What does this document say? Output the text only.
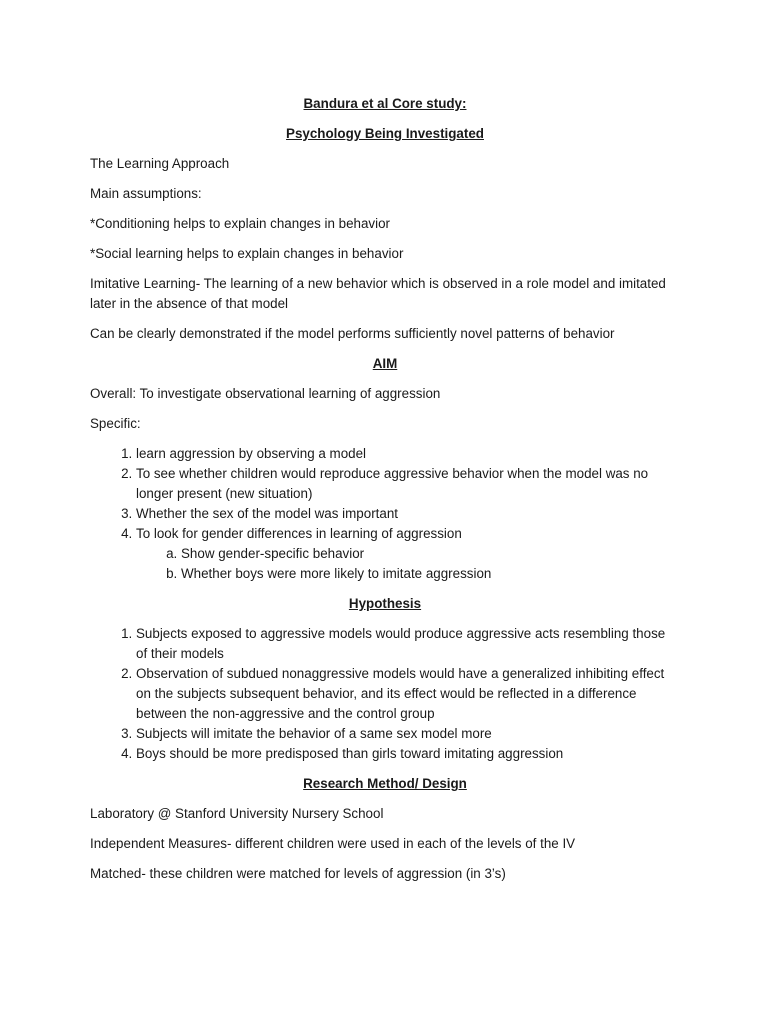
Bandura et al Core study:
Psychology Being Investigated
The Learning Approach
Main assumptions:
*Conditioning helps to explain changes in behavior
*Social learning helps to explain changes in behavior
Imitative Learning- The learning of a new behavior which is observed in a role model and imitated later in the absence of that model
Can be clearly demonstrated if the model performs sufficiently novel patterns of behavior
AIM
Overall: To investigate observational learning of aggression
Specific:
1. learn aggression by observing a model
2. To see whether children would reproduce aggressive behavior when the model was no longer present (new situation)
3. Whether the sex of the model was important
4. To look for gender differences in learning of aggression
a. Show gender-specific behavior
b. Whether boys were more likely to imitate aggression
Hypothesis
1. Subjects exposed to aggressive models would produce aggressive acts resembling those of their models
2. Observation of subdued nonaggressive models would have a generalized inhibiting effect on the subjects subsequent behavior, and its effect would be reflected in a difference between the non-aggressive and the control group
3. Subjects will imitate the behavior of a same sex model more
4. Boys should be more predisposed than girls toward imitating aggression
Research Method/ Design
Laboratory @ Stanford University Nursery School
Independent Measures- different children were used in each of the levels of the IV
Matched- these children were matched for levels of aggression (in 3’s)
